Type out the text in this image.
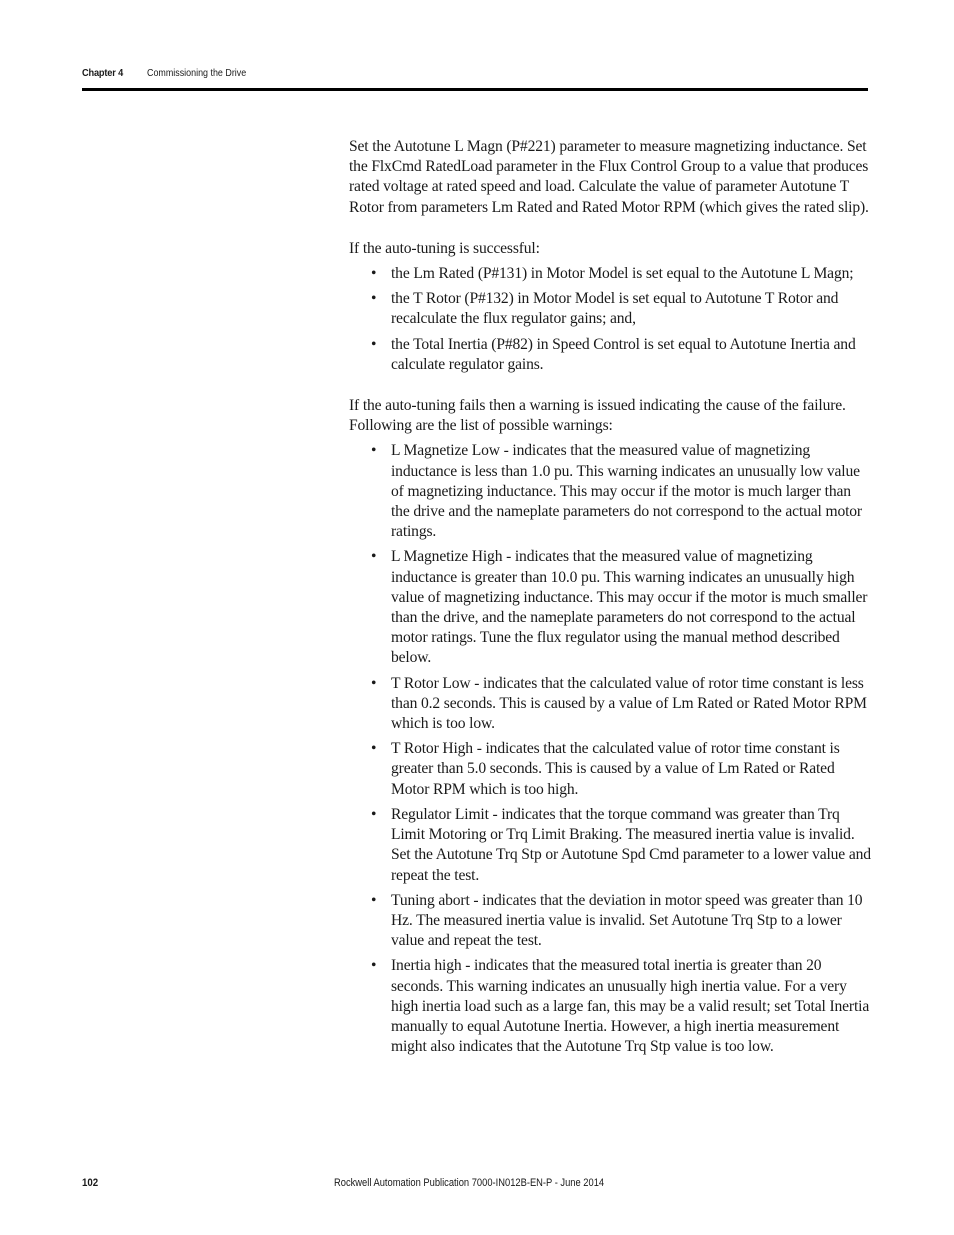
Chapter 4 Commissioning the Drive

Set the Autotune L Magn (P#221) parameter to measure magnetizing inductance. Set the FlxCmd RatedLoad parameter in the Flux Control Group to a value that produces rated voltage at rated speed and load. Calculate the value of parameter Autotune T Rotor from parameters Lm Rated and Rated Motor RPM (which gives the rated slip).

If the auto-tuning is successful:

• the Lm Rated (P#131) in Motor Model is set equal to the Autotune L Magn;
• the T Rotor (P#132) in Motor Model is set equal to Autotune T Rotor and recalculate the flux regulator gains; and,
• the Total Inertia (P#82) in Speed Control is set equal to Autotune Inertia and calculate regulator gains.

If the auto-tuning fails then a warning is issued indicating the cause of the failure. Following are the list of possible warnings:

• L Magnetize Low - indicates that the measured value of magnetizing inductance is less than 1.0 pu. This warning indicates an unusually low value of magnetizing inductance. This may occur if the motor is much larger than the drive and the nameplate parameters do not correspond to the actual motor ratings.
• L Magnetize High - indicates that the measured value of magnetizing inductance is greater than 10.0 pu. This warning indicates an unusually high value of magnetizing inductance. This may occur if the motor is much smaller than the drive, and the nameplate parameters do not correspond to the actual motor ratings. Tune the flux regulator using the manual method described below.
• T Rotor Low - indicates that the calculated value of rotor time constant is less than 0.2 seconds. This is caused by a value of Lm Rated or Rated Motor RPM which is too low.
• T Rotor High - indicates that the calculated value of rotor time constant is greater than 5.0 seconds. This is caused by a value of Lm Rated or Rated Motor RPM which is too high.
• Regulator Limit - indicates that the torque command was greater than Trq Limit Motoring or Trq Limit Braking. The measured inertia value is invalid. Set the Autotune Trq Stp or Autotune Spd Cmd parameter to a lower value and repeat the test.
• Tuning abort - indicates that the deviation in motor speed was greater than 10 Hz. The measured inertia value is invalid. Set Autotune Trq Stp to a lower value and repeat the test.
• Inertia high - indicates that the measured total inertia is greater than 20 seconds. This warning indicates an unusually high inertia value. For a very high inertia load such as a large fan, this may be a valid result; set Total Inertia manually to equal Autotune Inertia. However, a high inertia measurement might also indicates that the Autotune Trq Stp value is too low.
102	Rockwell Automation Publication 7000-IN012B-EN-P - June 2014
